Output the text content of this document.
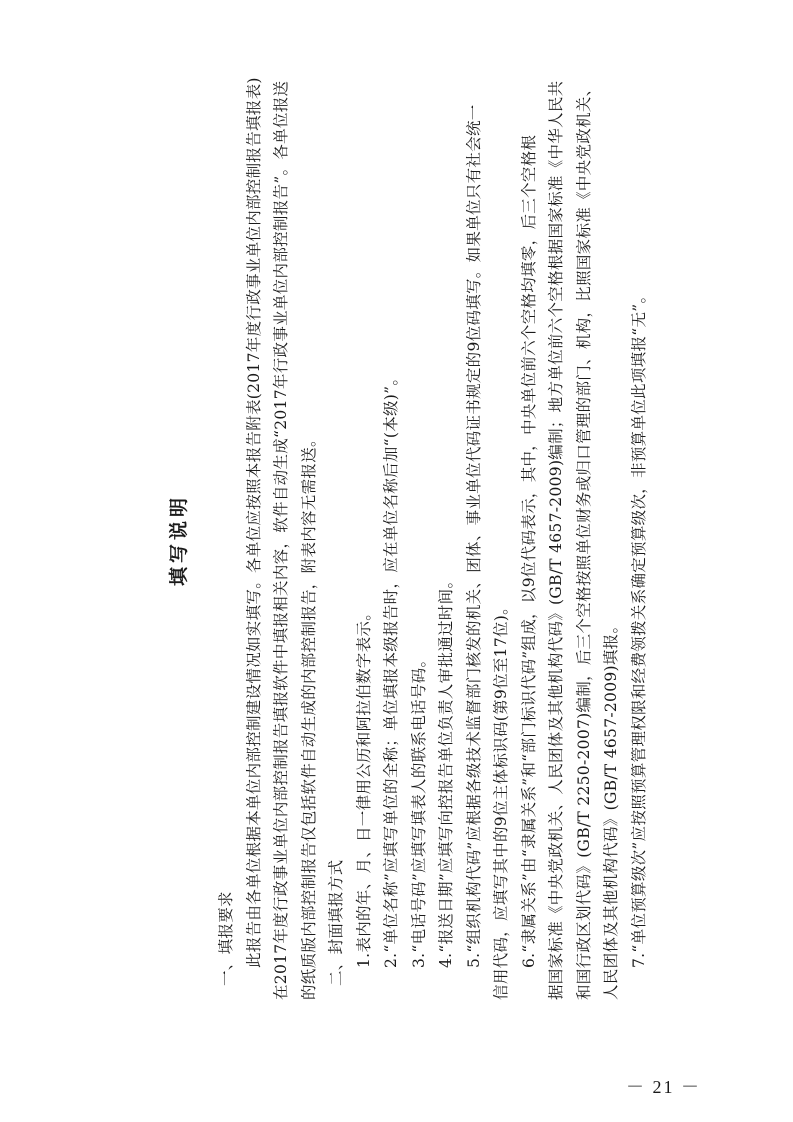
填写说明
一、填报要求 此报告由各单位根据本单位内部控制建设情况如实填写。各单位应按照本报告附表(2017年度行政事业单位内部控制报告填报表) 在2017年度行政事业单位内部控制报告填报软件中填报相关内容，软件自动生成“2017年行政事业单位内部控制报告”。各单位报送 的纸质版内部控制报告仅包括软件自动生成的内部控制报告，附表内容无需报送。 二、封面填报方式 1.表内的年、月、日一律用公历和阿拉伯数字表示。 2.“单位名称”应填写单位的全称；单位填报本级报告时，应在单位名称后加“(本级)”。 3.“电话号码”应填写填表人的联系电话号码。 4.“报送日期”应填写向控报告单位负责人审批通过时间。 5.“组织机构代码”应根据各级技术监督部门核发的机关、团体、事业单位代码证书规定的9位码填写。如果单位只有社会统一 信用代码，应填写其中的9位主体标识码(第9位至17位)。 6.“隶属关系”由“隶属关系”和“部门标识代码”组成，以9位代码表示，其中，中央单位前六个空格均填零，后三个空格根 据国家标准《中央党政机关、人民团体及其他机构代码》(GB/T 4657-2009)编制；地方单位前六个空格根据国家标准《中华人民共 和国行政区划代码》(GB/T 2250-2007)编制，后三个空格按照单位财务或归口管理的部门、机构，比照国家标准《中央党政机关、 人民团体及其他机构代码》(GB/T 4657-2009)填报。 7.“单位预算级次”应按照预算管理权限和经费领拨关系确定预算级次，非预算单位此项填报“无”。
－ 21 －
